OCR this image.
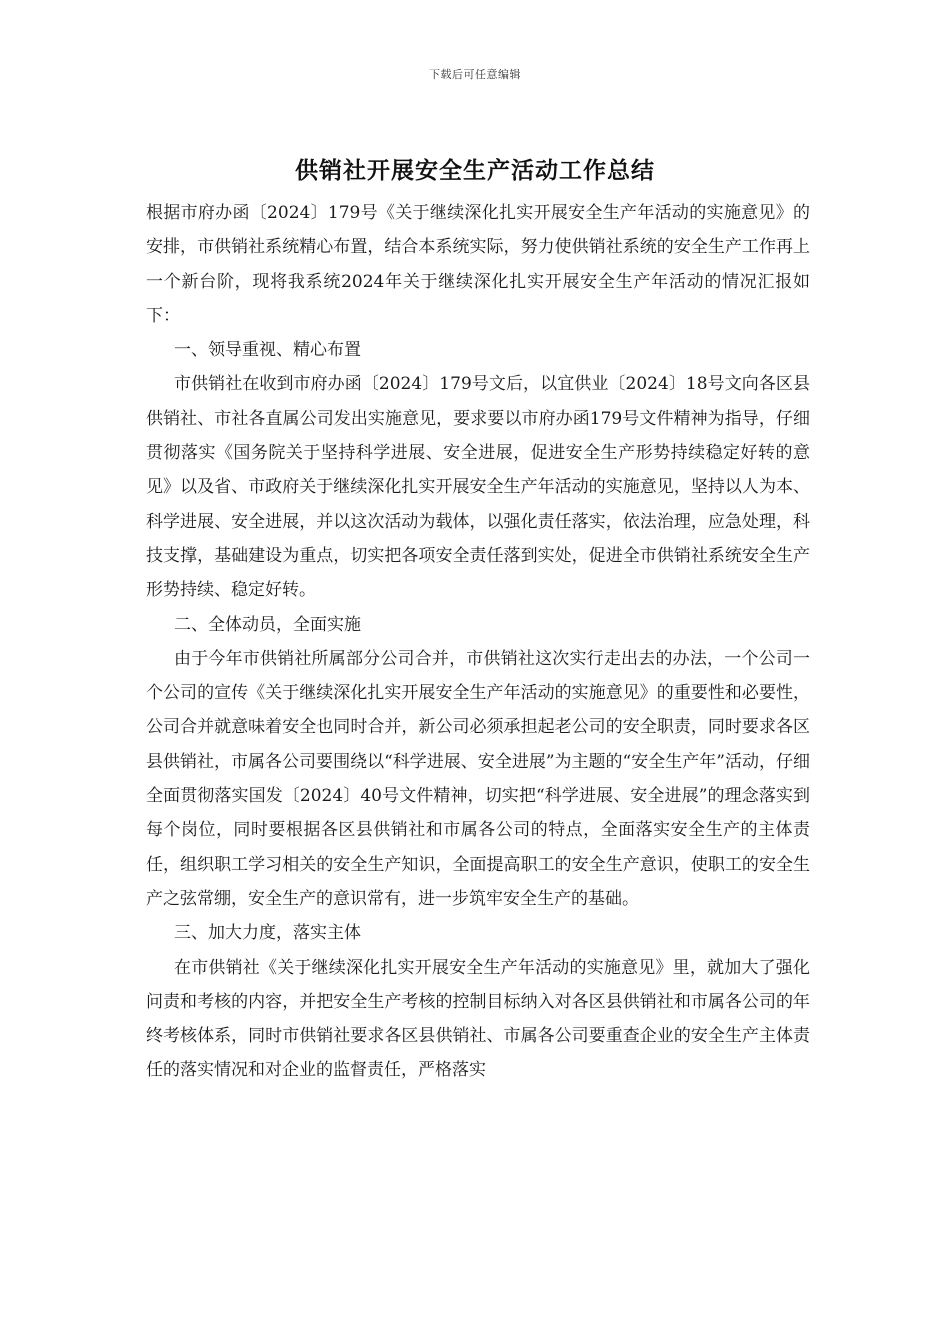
下载后可任意编辑
供销社开展安全生产活动工作总结

根据市府办函〔2024〕179号《关于继续深化扎实开展安全生产年活动的实施意见》的安排，市供销社系统精心布置，结合本系统实际，努力使供销社系统的安全生产工作再上一个新台阶，现将我系统2024年关于继续深化扎实开展安全生产年活动的情况汇报如下：

一、领导重视、精心布置

市供销社在收到市府办函〔2024〕179号文后，以宜供业〔2024〕18号文向各区县供销社、市社各直属公司发出实施意见，要求要以市府办函179号文件精神为指导，仔细贯彻落实《国务院关于坚持科学进展、安全进展，促进安全生产形势持续稳定好转的意见》以及省、市政府关于继续深化扎实开展安全生产年活动的实施意见，坚持以人为本、科学进展、安全进展，并以这次活动为载体，以强化责任落实，依法治理，应急处理，科技支撑，基础建设为重点，切实把各项安全责任落到实处，促进全市供销社系统安全生产形势持续、稳定好转。

二、全体动员，全面实施

由于今年市供销社所属部分公司合并，市供销社这次实行走出去的办法，一个公司一个公司的宣传《关于继续深化扎实开展安全生产年活动的实施意见》的重要性和必要性，公司合并就意味着安全也同时合并，新公司必须承担起老公司的安全职责，同时要求各区县供销社，市属各公司要围绕以“科学进展、安全进展”为主题的“安全生产年”活动，仔细全面贯彻落实国发〔2024〕40号文件精神，切实把“科学进展、安全进展”的理念落实到每个岗位，同时要根据各区县供销社和市属各公司的特点，全面落实安全生产的主体责任，组织职工学习相关的安全生产知识，全面提高职工的安全生产意识，使职工的安全生产之弦常绷，安全生产的意识常有，进一步筑牢安全生产的基础。

三、加大力度，落实主体

在市供销社《关于继续深化扎实开展安全生产年活动的实施意见》里，就加大了强化问责和考核的内容，并把安全生产考核的控制目标纳入对各区县供销社和市属各公司的年终考核体系，同时市供销社要求各区县供销社、市属各公司要重查企业的安全生产主体责任的落实情况和对企业的监督责任，严格落实
